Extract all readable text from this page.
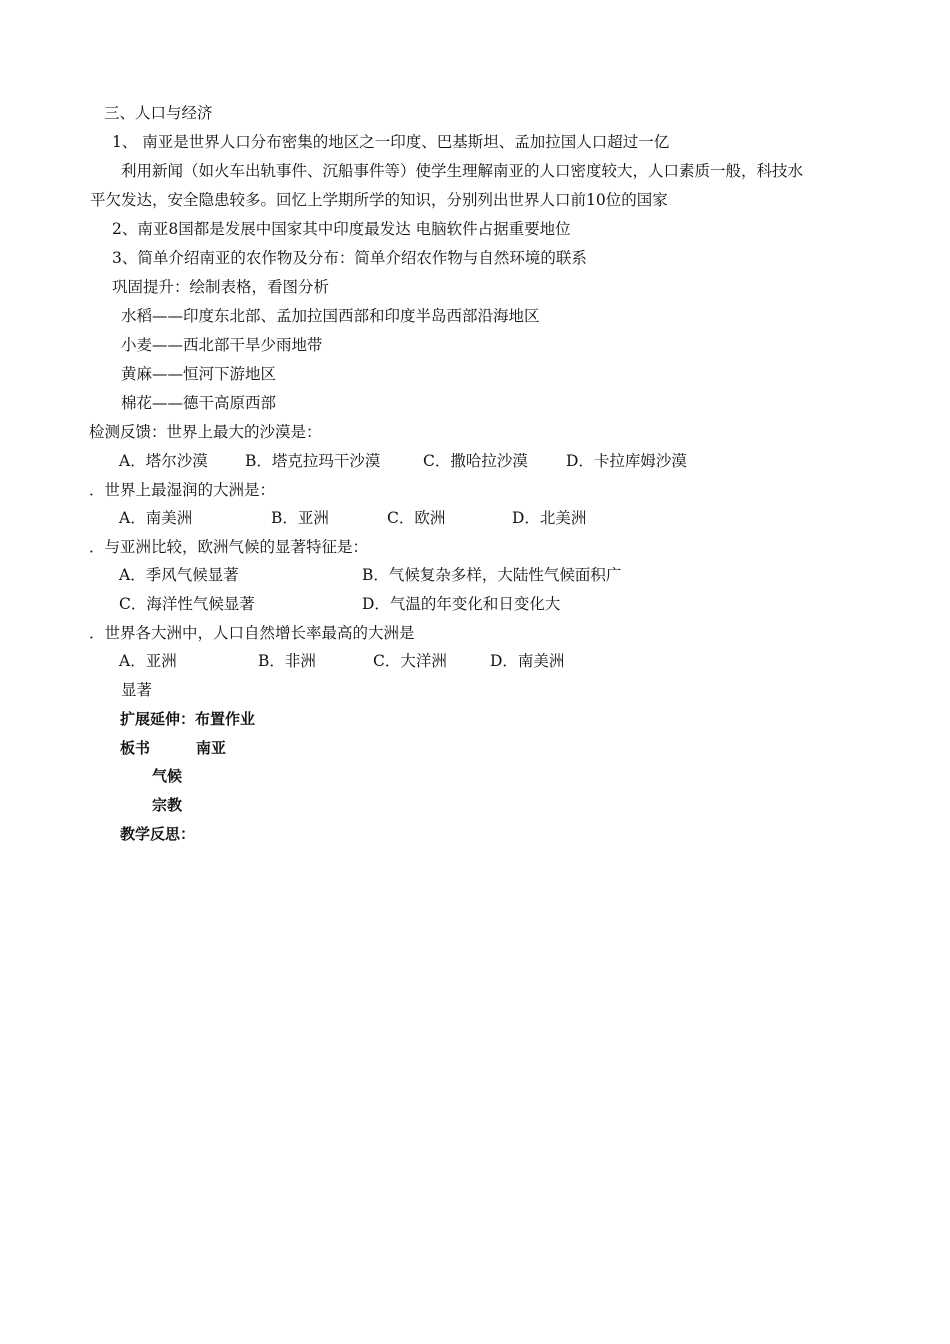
三、人口与经济
1、 南亚是世界人口分布密集的地区之一印度、巴基斯坦、孟加拉国人口超过一亿
利用新闻（如火车出轨事件、沉船事件等）使学生理解南亚的人口密度较大，人口素质一般，科技水
平欠发达，安全隐患较多。回忆上学期所学的知识，分别列出世界人口前10位的国家
2、南亚8国都是发展中国家其中印度最发达 电脑软件占据重要地位
3、简单介绍南亚的农作物及分布：简单介绍农作物与自然环境的联系
巩固提升：绘制表格，看图分析
水稻——印度东北部、孟加拉国西部和印度半岛西部沿海地区
小麦——西北部干旱少雨地带
黄麻——恒河下游地区
棉花——德干高原西部
检测反馈：世界上最大的沙漠是：
A．塔尔沙漠 B．塔克拉玛干沙漠	C．撒哈拉沙漠 D．卡拉库姆沙漠
．世界上最湿润的大洲是：
A．南美洲	B．亚洲	C．欧洲	D．北美洲
．与亚洲比较，欧洲气候的显著特征是：
A．季风气候显著	B．气候复杂多样，大陆性气候面积广
C．海洋性气候显著	D．气温的年变化和日变化大
．世界各大洲中，人口自然增长率最高的大洲是
A．亚洲	B．非洲	C．大洋洲	D．南美洲
显著
扩展延伸：布置作业
板书	南亚
气候
宗教
教学反思：
